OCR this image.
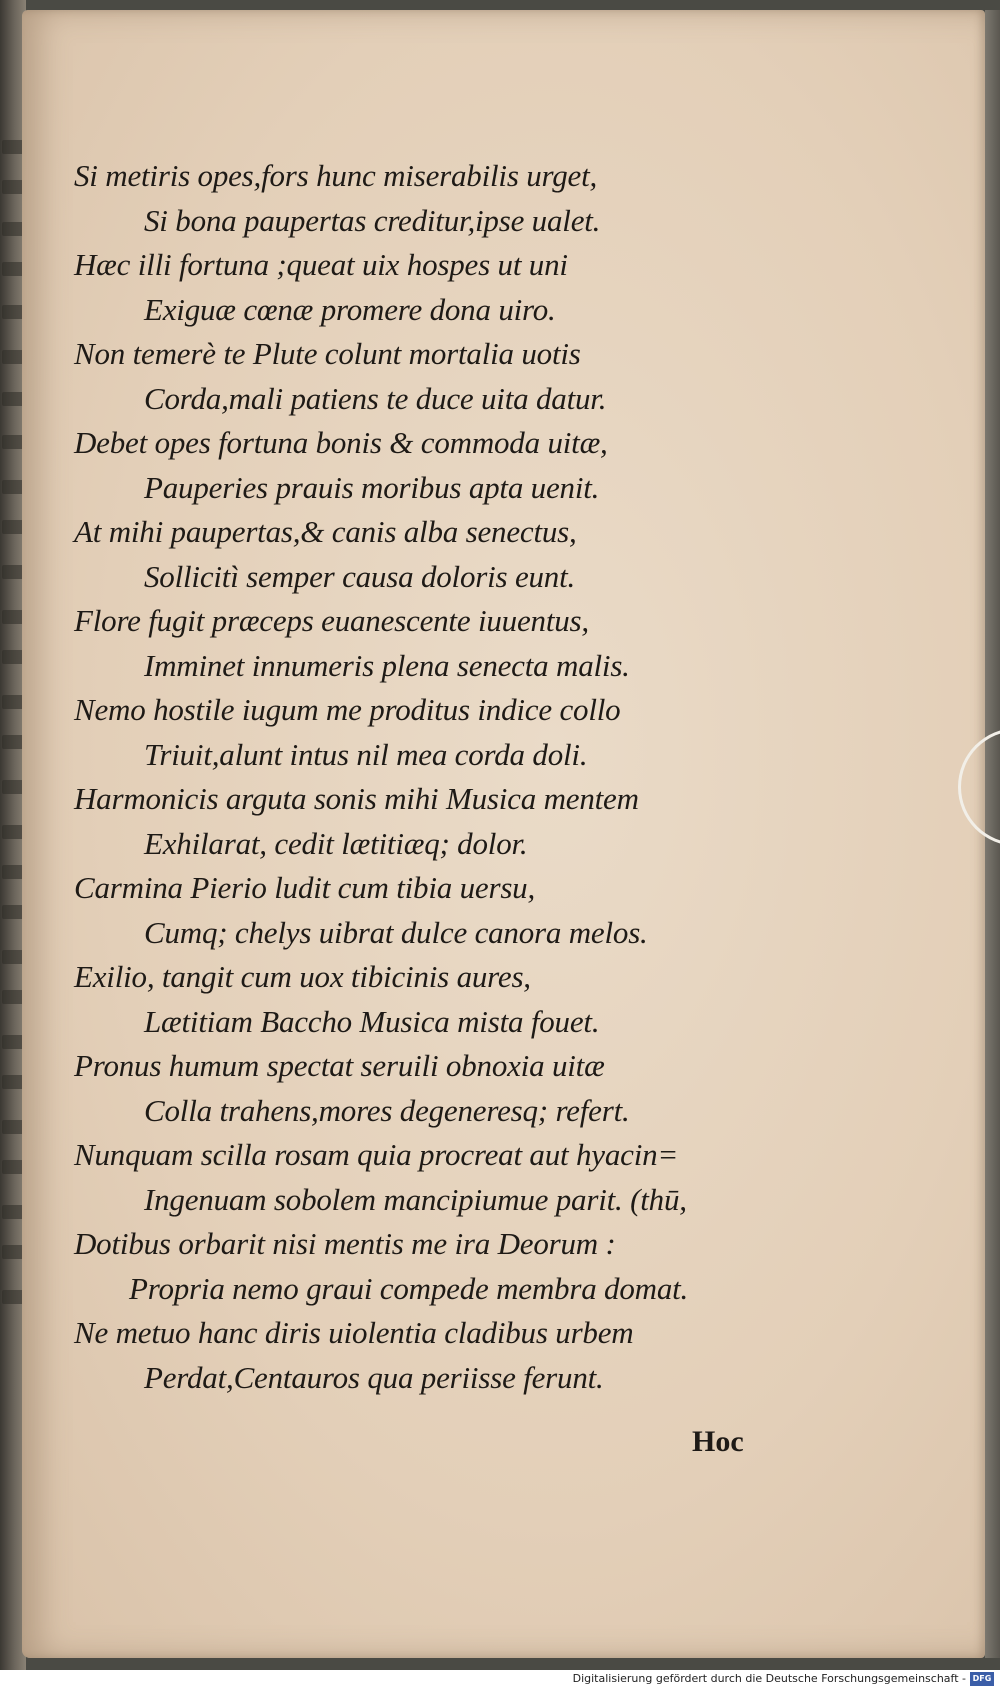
Si metiris opes,fors hunc miserabilis urget,
Si bona paupertas creditur,ipse ualet.
Hæc illi fortuna ;queat uix hospes ut uni
Exiguæ cœnæ promere dona uiro.
Non temerè te Plute colunt mortalia uotis
Corda,mali patiens te duce uita datur.
Debet opes fortuna bonis & commoda uitæ,
Pauperies prauis moribus apta uenit.
At mihi paupertas,& canis alba senectus,
Sollicitì semper causa doloris eunt.
Flore fugit præceps euanescente iuuentus,
Imminet innumeris plena senecta malis.
Nemo hostile iugum me proditus indice collo
Triuit,alunt intus nil mea corda doli.
Harmonicis arguta sonis mihi Musica mentem
Exhilarat, cedit lætitiæq; dolor.
Carmina Pierio ludit cum tibia uersu,
Cumq; chelys uibrat dulce canora melos.
Exilio, tangit cum uox tibicinis aures,
Lætitiam Baccho Musica mista fouet.
Pronus humum spectat seruili obnoxia uitæ
Colla trahens,mores degeneresq; refert.
Nunquam scilla rosam quia procreat aut hyacin=
Ingenuam sobolem mancipiumue parit. (thū,
Dotibus orbarit nisi mentis me ira Deorum :
Propria nemo graui compede membra domat.
Ne metuo hanc diris uiolentia cladibus urbem
Perdat,Centauros qua periisse ferunt.
Hoc
Digitalisierung gefördert durch die Deutsche Forschungsgemeinschaft - DFG
